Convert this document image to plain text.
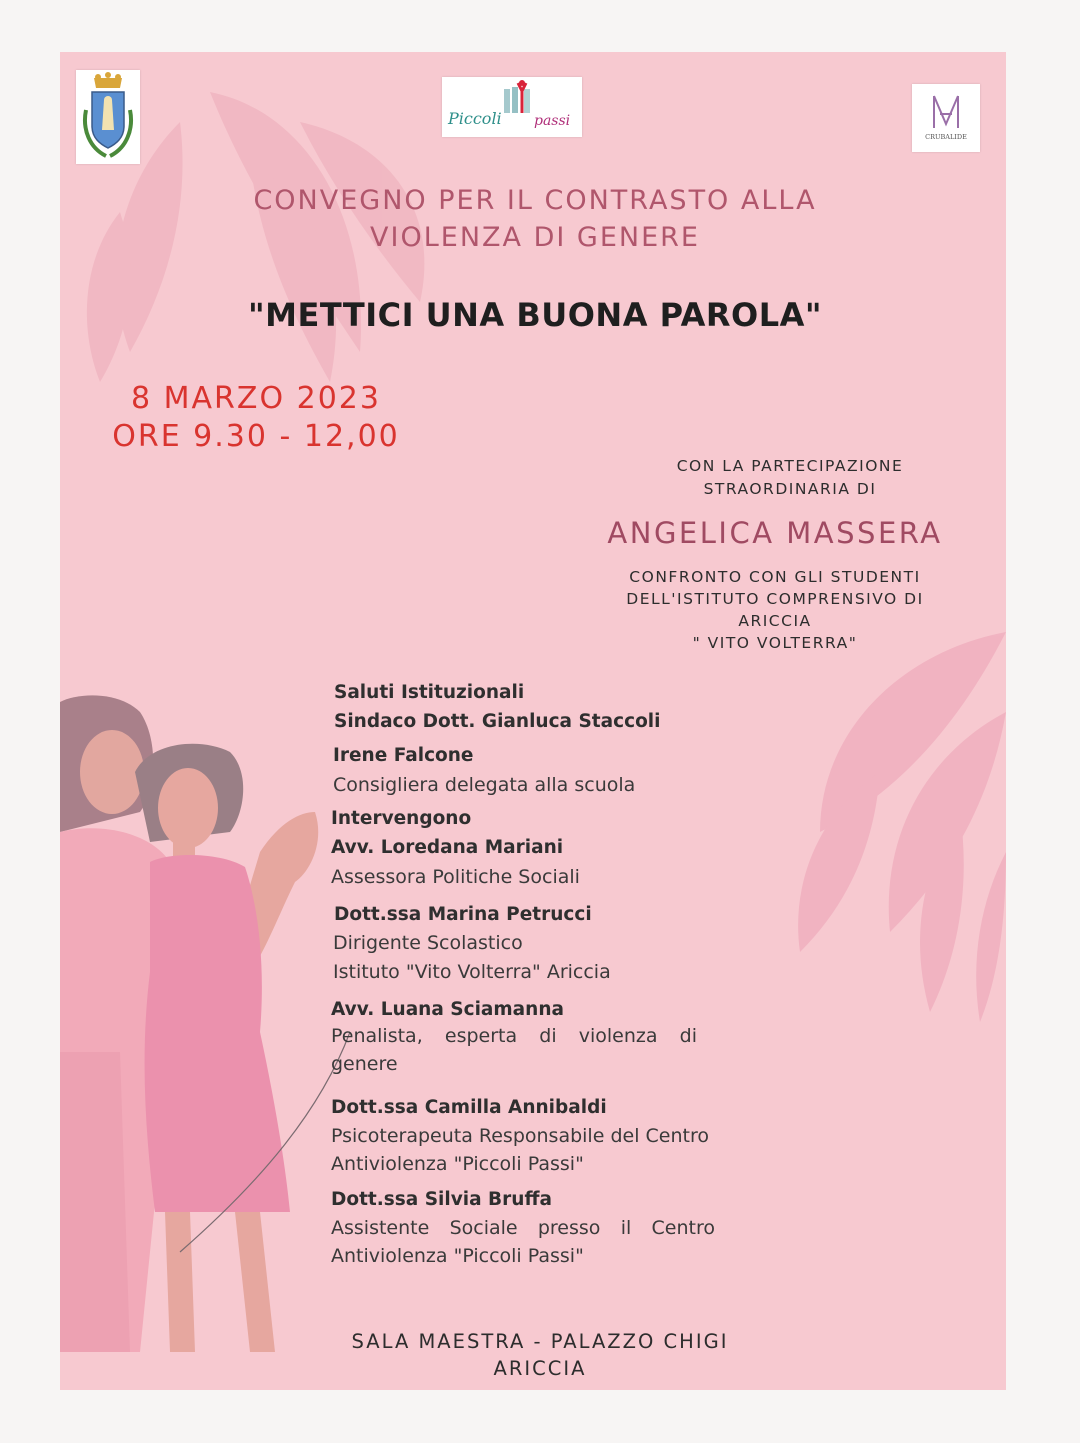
Piccoli passi
CRUBALIDE
CONVEGNO PER IL CONTRASTO ALLA
VIOLENZA DI GENERE
"METTICI UNA BUONA PAROLA"
8 MARZO 2023
ORE 9.30 - 12,00
CON LA PARTECIPAZIONE
STRAORDINARIA DI
ANGELICA MASSERA
CONFRONTO CON GLI STUDENTI
DELL'ISTITUTO COMPRENSIVO DI
ARICCIA
" VITO VOLTERRA"
Saluti Istituzionali
Sindaco Dott. Gianluca Staccoli
Irene Falcone
Consigliera delegata alla scuola
Intervengono
Avv. Loredana Mariani
Assessora Politiche Sociali
Dott.ssa Marina Petrucci
Dirigente Scolastico
Istituto "Vito Volterra" Ariccia
Avv. Luana Sciamanna
Penalista, esperta di violenza di
genere
Dott.ssa Camilla Annibaldi
Psicoterapeuta Responsabile del Centro
Antiviolenza "Piccoli Passi"
Dott.ssa Silvia Bruffa
Assistente Sociale presso il Centro
Antiviolenza "Piccoli Passi"
SALA MAESTRA - PALAZZO CHIGI
ARICCIA
